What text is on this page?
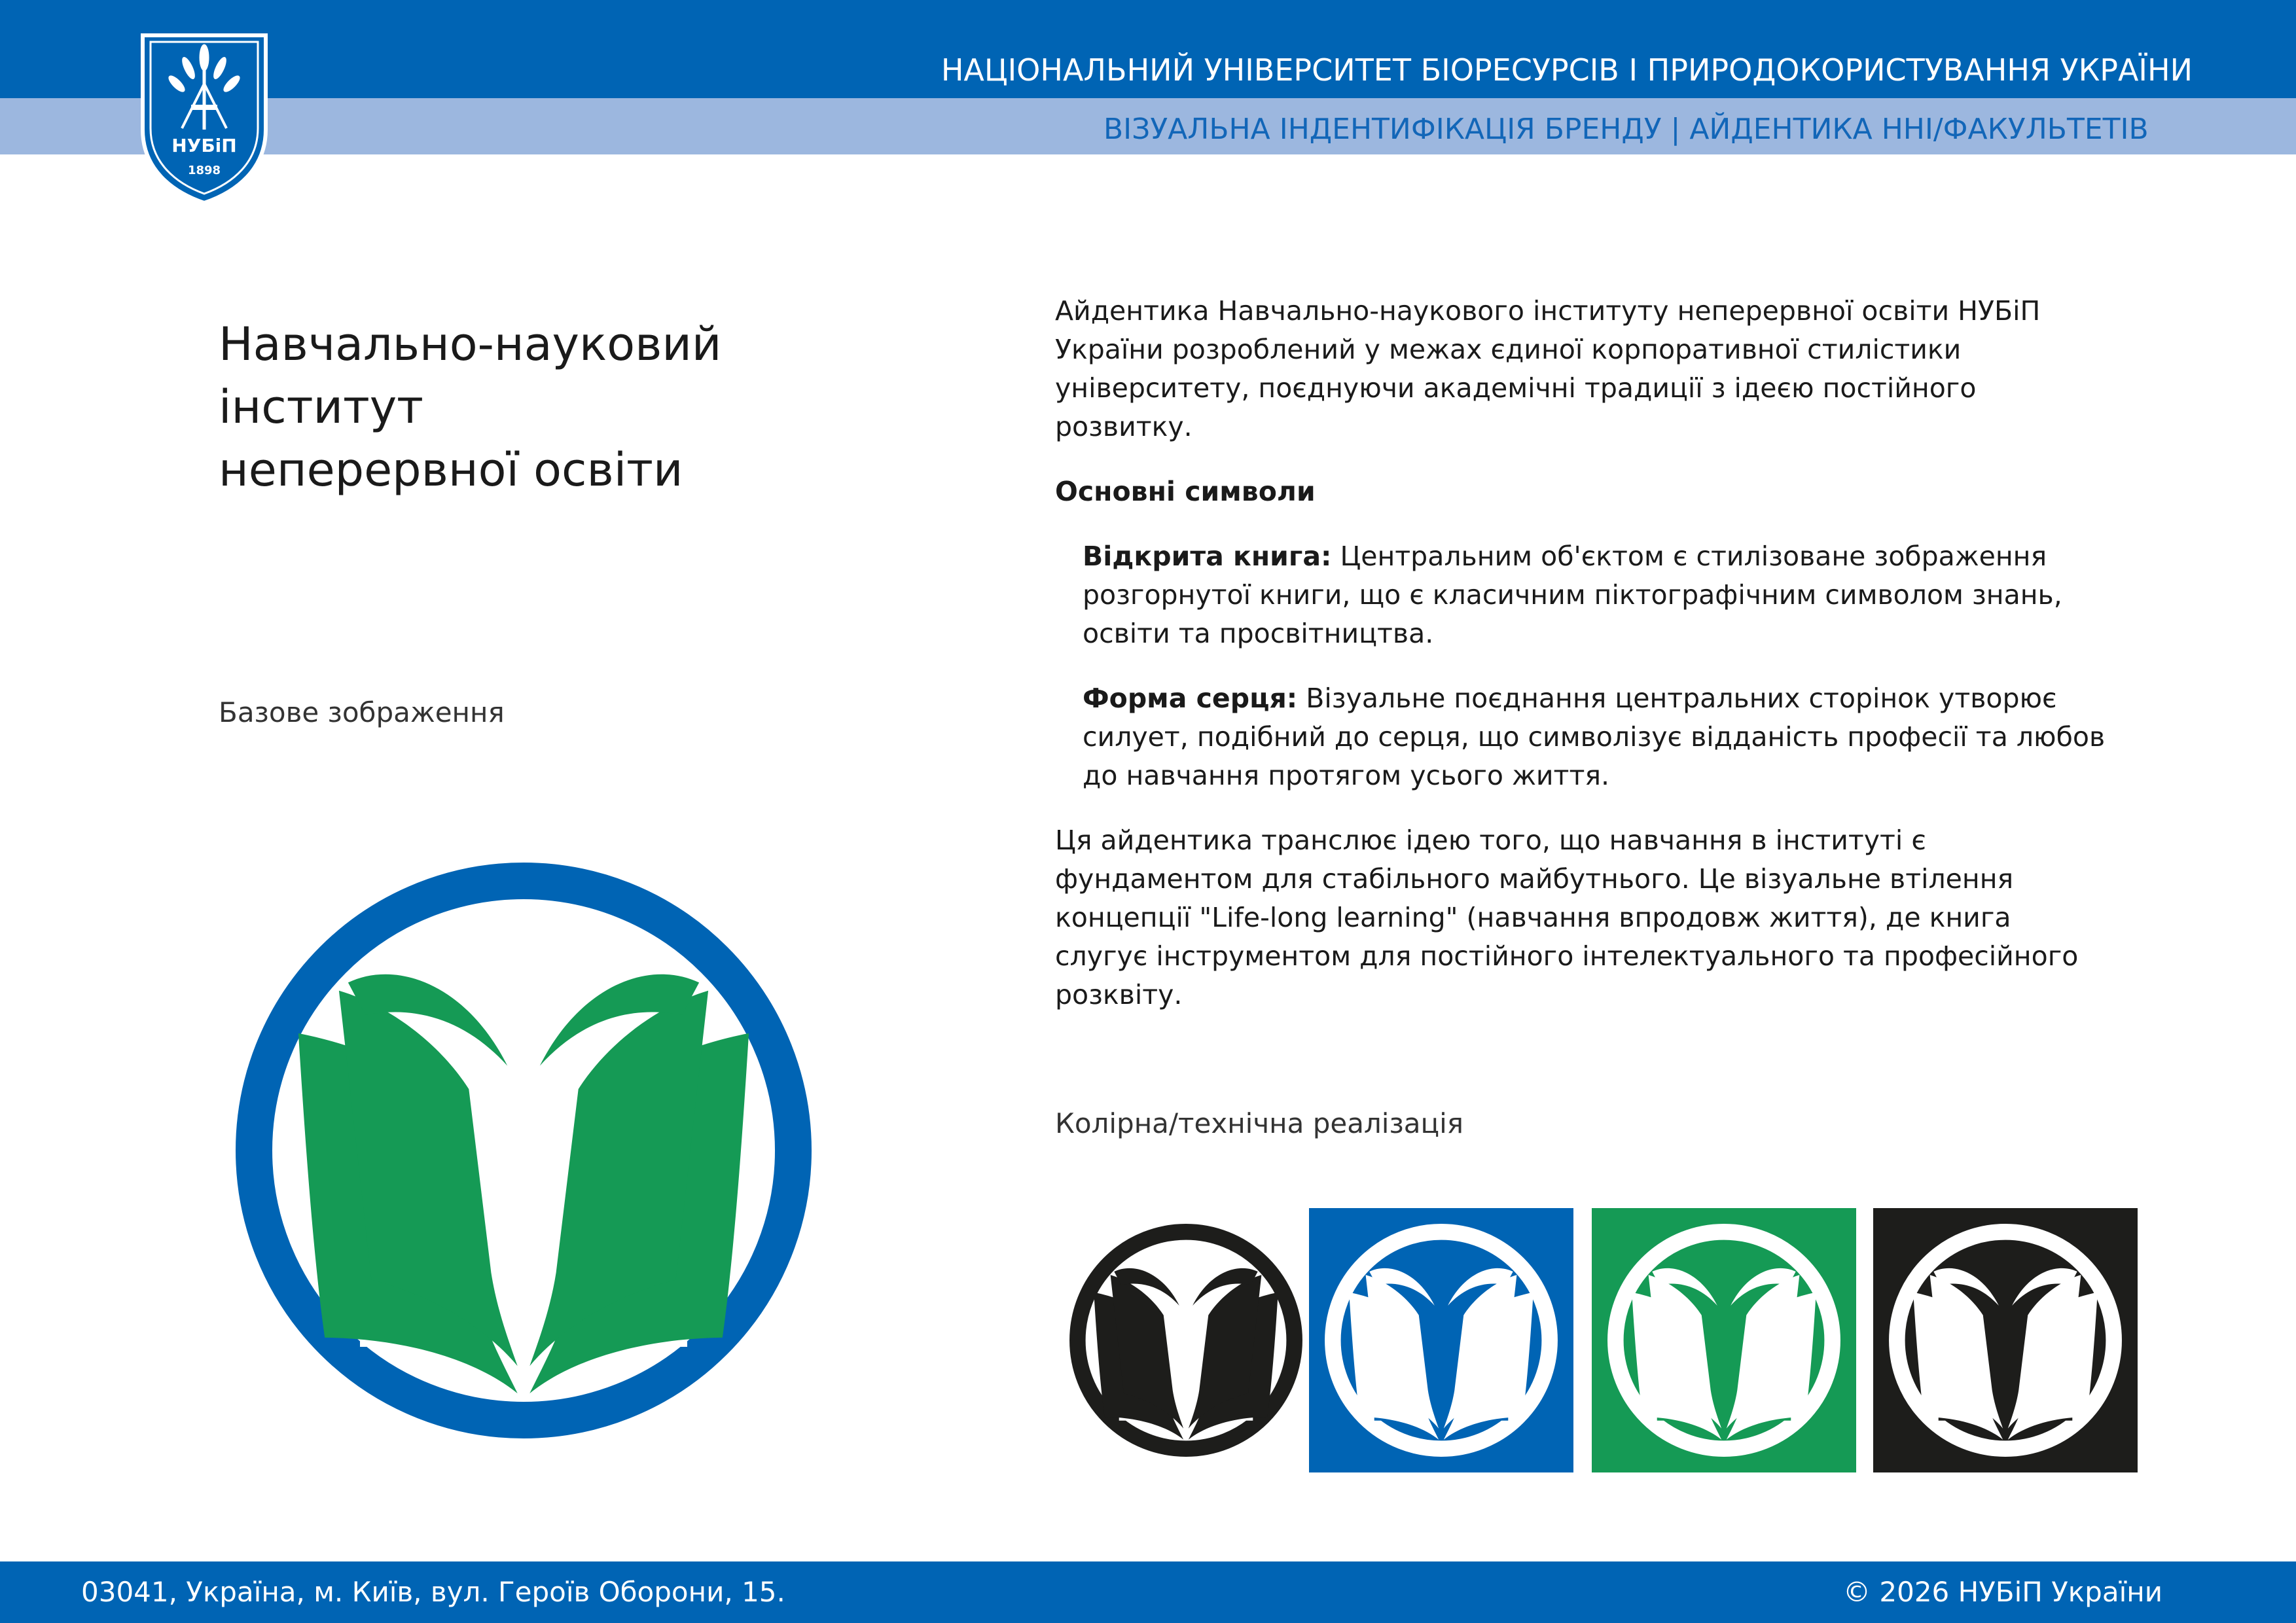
НУБіП
1898
НАЦІОНАЛЬНИЙ УНІВЕРСИТЕТ БІОРЕСУРСІВ І ПРИРОДОКОРИСТУВАННЯ УКРАЇНИ
ВІЗУАЛЬНА ІНДЕНТИФІКАЦІЯ БРЕНДУ | АЙДЕНТИКА ННІ/ФАКУЛЬТЕТІВ
Навчально-науковий
інститут
неперервної освіти
Базове зображення

Айдентика Навчально-наукового інституту неперервної освіти НУБіП України розроблений у межах єдиної корпоративної стилістики університету, поєднуючи академічні традиції з ідеєю постійного розвитку.

Основні символи

Відкрита книга: Центральним об'єктом є стилізоване зображення розгорнутої книги, що є класичним піктографічним символом знань, освіти та просвітництва.

Форма серця: Візуальне поєднання центральних сторінок утворює силует, подібний до серця, що символізує відданість професії та любов до навчання протягом усього життя.

Ця айдентика транслює ідею того, що навчання в інституті є фундаментом для стабільного майбутнього. Це візуальне втілення концепції "Life-long learning" (навчання впродовж життя), де книга слугує інструментом для постійного інтелектуального та професійного розквіту.

Колірна/технічна реалізація
03041, Україна, м. Київ, вул. Героїв Оборони, 15.	© 2026 НУБіП України
